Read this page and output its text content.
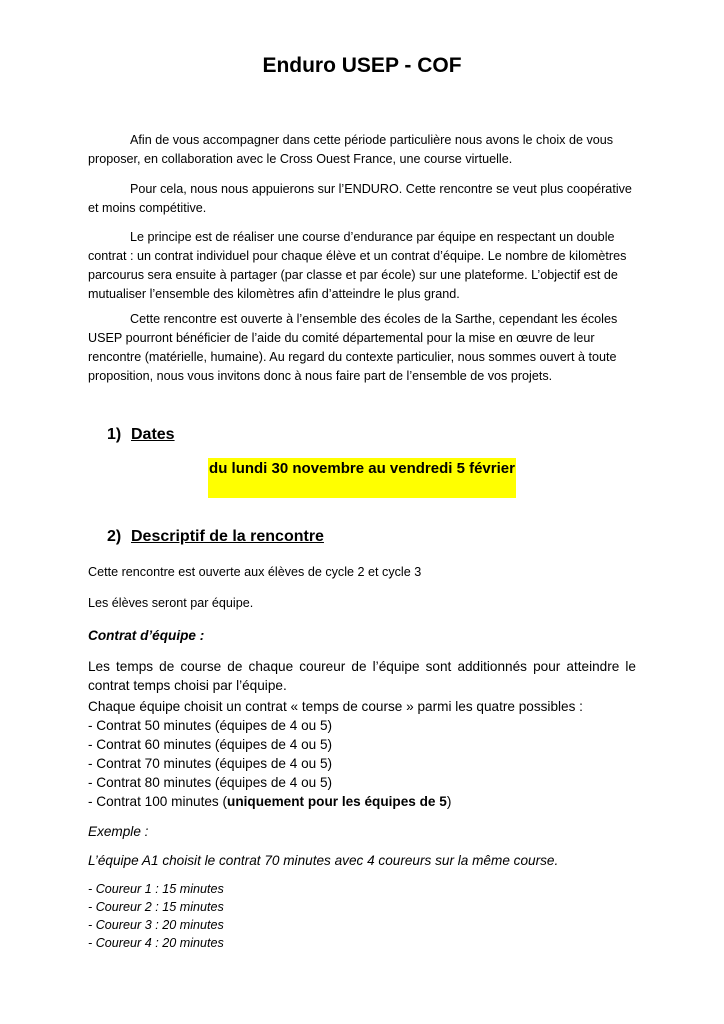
Enduro USEP - COF

Afin de vous accompagner dans cette période particulière nous avons le choix de vous proposer, en collaboration avec le Cross Ouest France, une course virtuelle.

Pour cela, nous nous appuierons sur l’ENDURO. Cette rencontre se veut plus coopérative et moins compétitive.

Le principe est de réaliser une course d’endurance par équipe en respectant un double contrat : un contrat individuel pour chaque élève et un contrat d’équipe. Le nombre de kilomètres parcourus sera ensuite à partager (par classe et par école) sur une plateforme. L’objectif est de mutualiser l’ensemble des kilomètres afin d’atteindre le plus grand.

Cette rencontre est ouverte à l’ensemble des écoles de la Sarthe, cependant les écoles USEP pourront bénéficier de l’aide du comité départemental pour la mise en œuvre de leur rencontre (matérielle, humaine). Au regard du contexte particulier, nous sommes ouvert à toute proposition, nous vous invitons donc à nous faire part de l’ensemble de vos projets.

1) Dates
du lundi 30 novembre au vendredi 5 février
2) Descriptif de la rencontre
Cette rencontre est ouverte aux élèves de cycle 2 et cycle 3
Les élèves seront par équipe.
Contrat d’équipe :

Les temps de course de chaque coureur de l’équipe sont additionnés pour atteindre le contrat temps choisi par l’équipe.

Chaque équipe choisit un contrat « temps de course » parmi les quatre possibles :
- Contrat 50 minutes (équipes de 4 ou 5)
- Contrat 60 minutes (équipes de 4 ou 5)
- Contrat 70 minutes (équipes de 4 ou 5)
- Contrat 80 minutes (équipes de 4 ou 5)
- Contrat 100 minutes (uniquement pour les équipes de 5)
Exemple :
L’équipe A1 choisit le contrat 70 minutes avec 4 coureurs sur la même course.
- Coureur 1 : 15 minutes
- Coureur 2 : 15 minutes
- Coureur 3 : 20 minutes
- Coureur 4 : 20 minutes
